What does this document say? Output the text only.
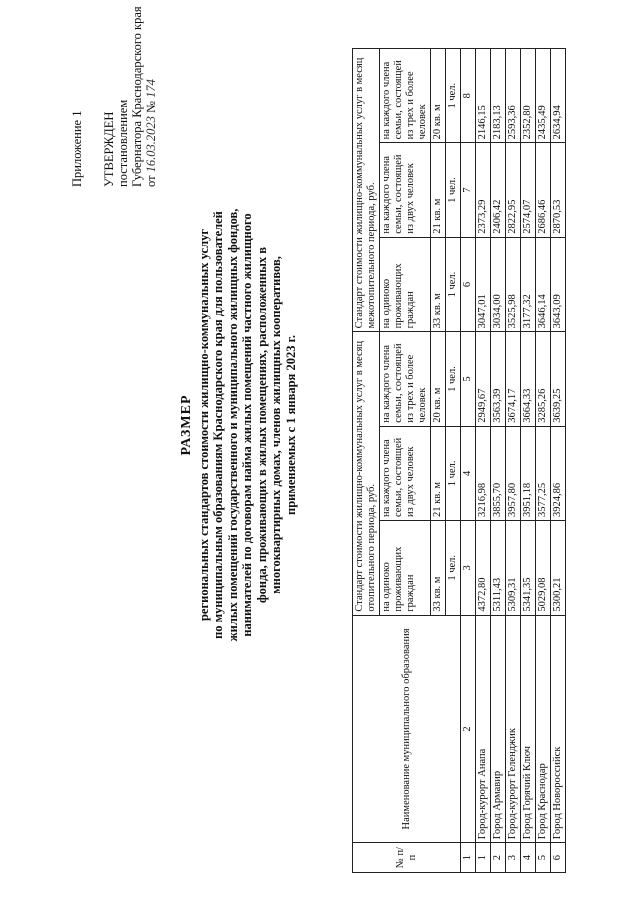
Приложение 1 УТВЕРЖДЕН постановлением Губернатора Краснодарского края от 16.03.2023 № 174
РАЗМЕР региональных стандартов стоимости жилищно-коммунальных услуг по муниципальным образованиям Краснодарского края для пользователей жилых помещений государственного и муниципального жилищных фондов, нанимателей по договорам найма жилых помещений частного жилищного фонда, проживающих в жилых помещениях, расположенных в многоквартирных домах, членов жилищных кооперативов, применяемых с 1 января 2023 г.
№ п/п	Наименование муниципального образования	Стандарт стоимости жилищно-коммунальных услуг в месяц отопительного периода, руб.			Стандарт стоимости жилищно-коммунальных услуг в месяц межотопительного периода, руб.		
		на одиноко проживающих граждан	на каждого члена семьи, состоящей из двух человек	на каждого члена семьи, состоящей из трех и более человек	на одиноко проживающих граждан	на каждого члена семьи, состоящей из двух человек	на каждого члена семьи, состоящей из трех и более человек
		33 кв. м	21 кв. м	20 кв. м	33 кв. м	21 кв. м	20 кв. м
		1 чел.	1 чел.	1 чел.	1 чел.	1 чел.	1 чел.
1	2	3	4	5	6	7	8
1	Город-курорт Анапа	4372,80	3216,98	2949,67	3047,01	2373,29	2146,15
2	Город Армавир	5311,43	3855,70	3563,39	3034,00	2406,42	2183,13
3	Город-курорт Геленджик	5309,31	3957,80	3674,17	3525,98	2822,95	2593,36
4	Город Горячий Ключ	5341,35	3951,18	3664,33	3177,32	2574,07	2352,80
5	Город Краснодар	5029,08	3577,25	3285,26	3646,14	2686,46	2435,49
6	Город Новороссийск	5300,21	3924,86	3639,25	3643,09	2870,53	2634,94
